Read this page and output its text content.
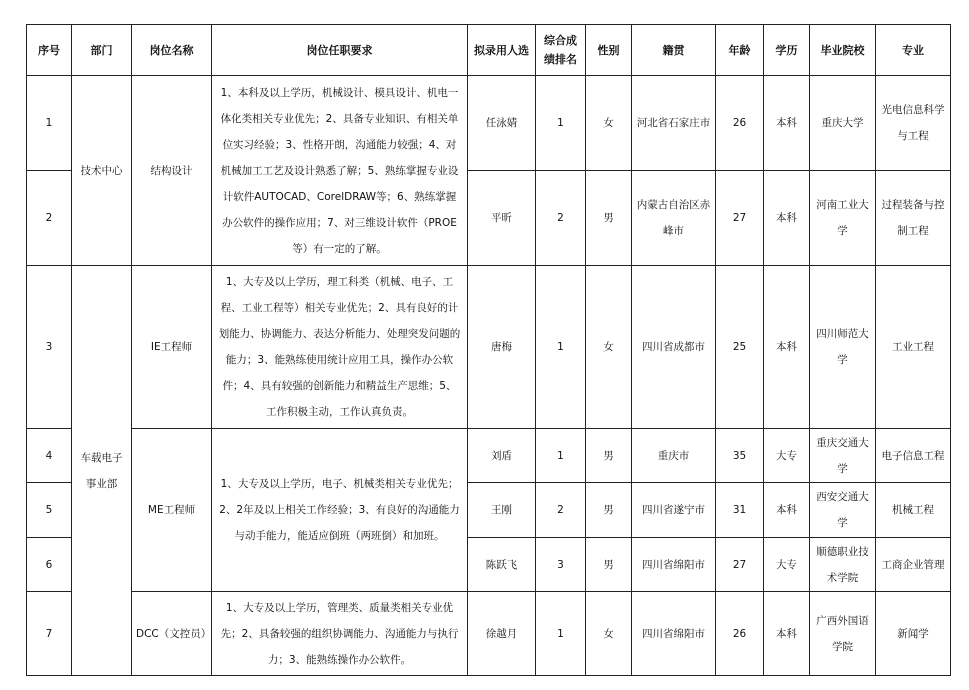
序号	部门	岗位名称	岗位任职要求	拟录用人选	综合成绩排名	性别	籍贯	年龄	学历	毕业院校	专业
1	技术中心	结构设计	1、本科及以上学历，机械设计、模具设计、机电一体化类相关专业优先；2、具备专业知识、有相关单位实习经验；3、性格开朗，沟通能力较强；4、对机械加工工艺及设计熟悉了解；5、熟练掌握专业设计软件AUTOCAD、CorelDRAW等；6、熟练掌握办公软件的操作应用；7、对三维设计软件（PROE等）有一定的了解。	任泳婧	1	女	河北省石家庄市	26	本科	重庆大学	光电信息科学与工程
2				平昕	2	男	内蒙古自治区赤峰市	27	本科	河南工业大学	过程装备与控制工程
3	车载电子事业部	IE工程师	1、大专及以上学历，理工科类（机械、电子、工程、工业工程等）相关专业优先；2、具有良好的计划能力、协调能力、表达分析能力、处理突发问题的能力；3、能熟练使用统计应用工具，操作办公软件；4、具有较强的创新能力和精益生产思维；5、工作积极主动，工作认真负责。	唐梅	1	女	四川省成都市	25	本科	四川师范大学	工业工程
4		ME工程师	1、大专及以上学历，电子、机械类相关专业优先；2、2年及以上相关工作经验；3、有良好的沟通能力与动手能力，能适应倒班（两班倒）和加班。	刘盾	1	男	重庆市	35	大专	重庆交通大学	电子信息工程
5				王刚	2	男	四川省遂宁市	31	本科	西安交通大学	机械工程
6				陈跃飞	3	男	四川省绵阳市	27	大专	顺德职业技术学院	工商企业管理
7		DCC（文控员）	1、大专及以上学历，管理类、质量类相关专业优先；2、具备较强的组织协调能力、沟通能力与执行力；3、能熟练操作办公软件。	徐越月	1	女	四川省绵阳市	26	本科	广西外国语学院	新闻学
